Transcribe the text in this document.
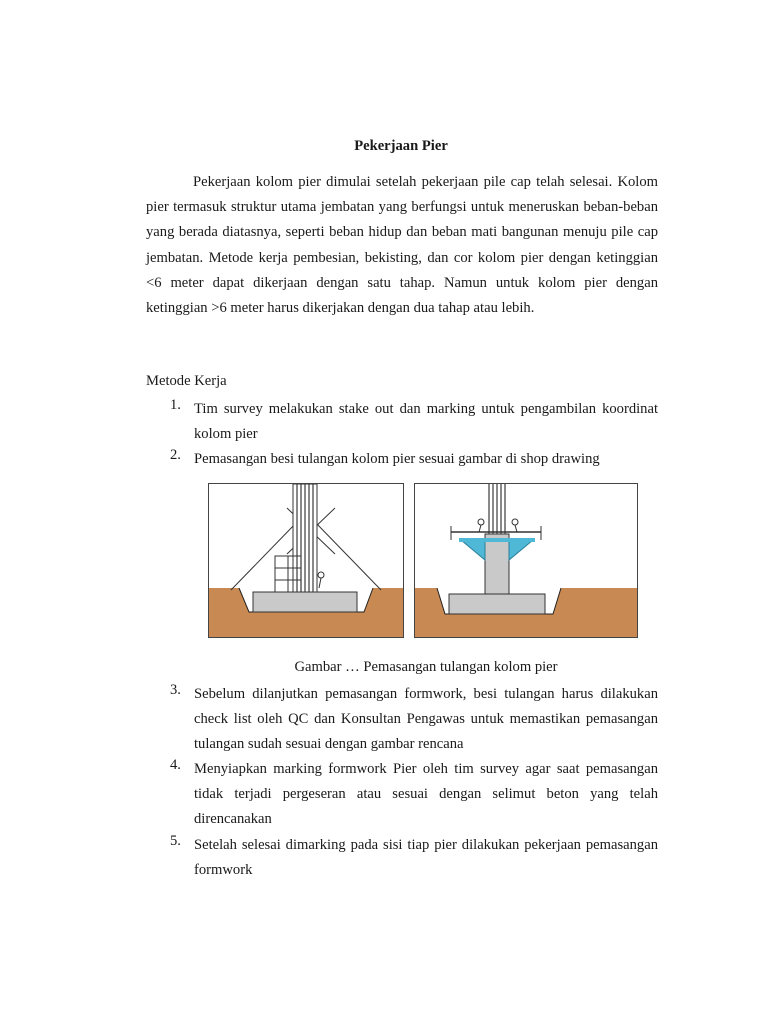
Pekerjaan Pier

Pekerjaan kolom pier dimulai setelah pekerjaan pile cap telah selesai. Kolom pier termasuk struktur utama jembatan yang berfungsi untuk meneruskan beban-beban yang berada diatasnya, seperti beban hidup dan beban mati bangunan menuju pile cap jembatan. Metode kerja pembesian, bekisting, dan cor kolom pier dengan ketinggian <6 meter dapat dikerjaan dengan satu tahap. Namun untuk kolom pier dengan ketinggian >6 meter harus dikerjakan dengan dua tahap atau lebih.

Metode Kerja
1. Tim survey melakukan stake out dan marking untuk pengambilan koordinat kolom pier
2. Pemasangan besi tulangan kolom pier sesuai gambar di shop drawing
Gambar … Pemasangan tulangan kolom pier
3. Sebelum dilanjutkan pemasangan formwork, besi tulangan harus dilakukan check list oleh QC dan Konsultan Pengawas untuk memastikan pemasangan tulangan sudah sesuai dengan gambar rencana
4. Menyiapkan marking formwork Pier oleh tim survey agar saat pemasangan tidak terjadi pergeseran atau sesuai dengan selimut beton yang telah direncanakan
5. Setelah selesai dimarking pada sisi tiap pier dilakukan pekerjaan pemasangan formwork
